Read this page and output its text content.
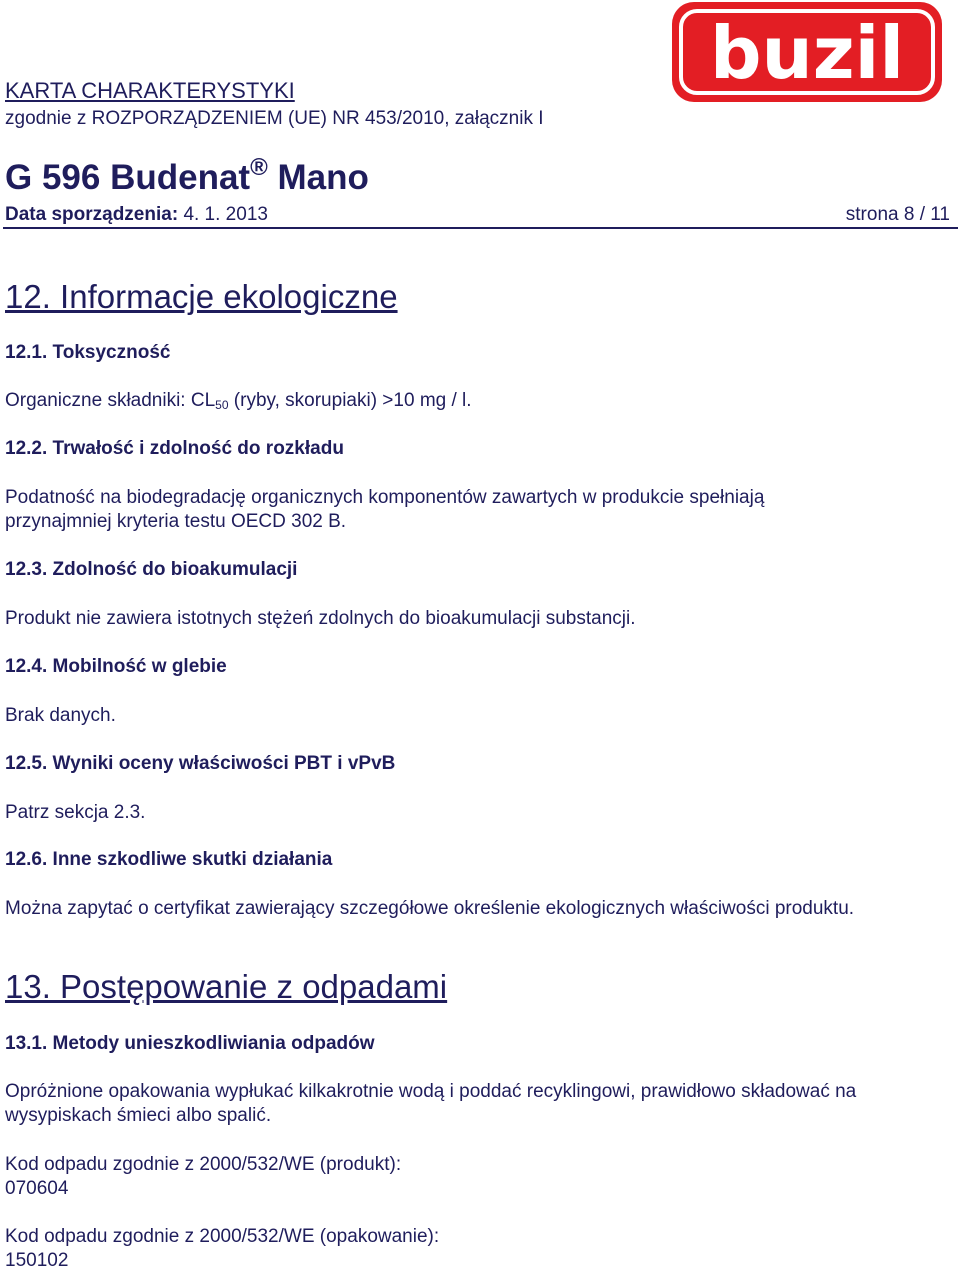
buzil
KARTA CHARAKTERYSTYKI
zgodnie z ROZPORZĄDZENIEM (UE) NR 453/2010, załącznik I
G 596 Budenat® Mano
Data sporządzenia: 4. 1. 2013	strona 8 / 11
12. Informacje ekologiczne
12.1. Toksyczność
Organiczne składniki: $CL_{50}$ (ryby, skorupiaki) >10 mg / l.
12.2. Trwałość i zdolność do rozkładu
Podatność na biodegradację organicznych komponentów zawartych w produkcie spełniają
przynajmniej kryteria testu OECD 302 B.
12.3. Zdolność do bioakumulacji
Produkt nie zawiera istotnych stężeń zdolnych do bioakumulacji substancji.
12.4. Mobilność w glebie
Brak danych.
12.5. Wyniki oceny właściwości PBT i vPvB
Patrz sekcja 2.3.
12.6. Inne szkodliwe skutki działania
Można zapytać o certyfikat zawierający szczegółowe określenie ekologicznych właściwości produktu.
13. Postępowanie z odpadami
13.1. Metody unieszkodliwiania odpadów
Opróżnione opakowania wypłukać kilkakrotnie wodą i poddać recyklingowi, prawidłowo składować na
wysypiskach śmieci albo spalić.
Kod odpadu zgodnie z 2000/532/WE (produkt):
070604
Kod odpadu zgodnie z 2000/532/WE (opakowanie):
150102
